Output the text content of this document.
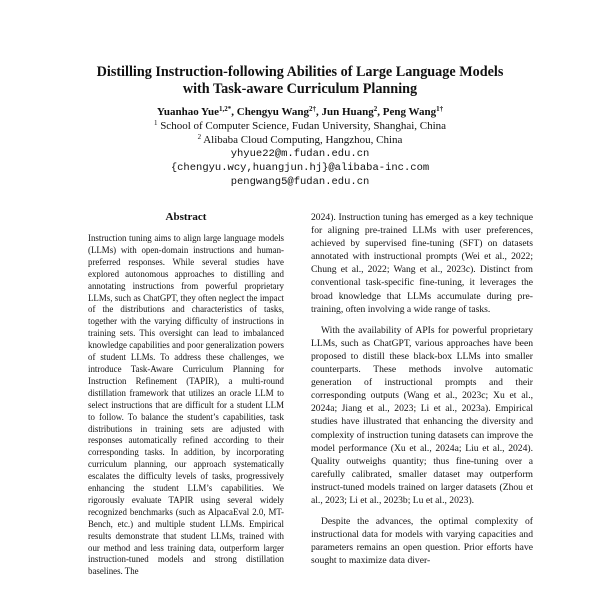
Distilling Instruction-following Abilities of Large Language Models
with Task-aware Curriculum Planning
Yuanhao Yue$^{1,2*}$, Chengyu Wang$^{2\dagger}$, Jun Huang$^2$, Peng Wang$^{1\dagger}$
$^1$ School of Computer Science, Fudan University, Shanghai, China
$^2$ Alibaba Cloud Computing, Hangzhou, China
yhyue22@m.fudan.edu.cn
{chengyu.wcy,huangjun.hj}@alibaba-inc.com
pengwang5@fudan.edu.cn
Abstract

Instruction tuning aims to align large language models (LLMs) with open-domain instructions and human-preferred responses. While several studies have explored autonomous approaches to distilling and annotating instructions from powerful proprietary LLMs, such as ChatGPT, they often neglect the impact of the distributions and characteristics of tasks, together with the varying difficulty of instructions in training sets. This oversight can lead to imbalanced knowledge capabilities and poor generalization powers of student LLMs. To address these challenges, we introduce Task-Aware Curriculum Planning for Instruction Refinement (TAPIR), a multi-round distillation framework that utilizes an oracle LLM to select instructions that are difficult for a student LLM to follow. To balance the student’s capabilities, task distributions in training sets are adjusted with responses automatically refined according to their corresponding tasks. In addition, by incorporating curriculum planning, our approach systematically escalates the difficulty levels of tasks, progressively enhancing the student LLM’s capabilities. We rigorously evaluate TAPIR using several widely recognized benchmarks (such as AlpacaEval 2.0, MT-Bench, etc.) and multiple student LLMs. Empirical results demonstrate that student LLMs, trained with our method and less training data, outperform larger instruction-tuned models and strong distillation baselines. The

2024). Instruction tuning has emerged as a key technique for aligning pre-trained LLMs with user preferences, achieved by supervised fine-tuning (SFT) on datasets annotated with instructional prompts (Wei et al., 2022; Chung et al., 2022; Wang et al., 2023c). Distinct from conventional task-specific fine-tuning, it leverages the broad knowledge that LLMs accumulate during pre-training, often involving a wide range of tasks.

With the availability of APIs for powerful proprietary LLMs, such as ChatGPT, various approaches have been proposed to distill these black-box LLMs into smaller counterparts. These methods involve automatic generation of instructional prompts and their corresponding outputs (Wang et al., 2023c; Xu et al., 2024a; Jiang et al., 2023; Li et al., 2023a). Empirical studies have illustrated that enhancing the diversity and complexity of instruction tuning datasets can improve the model performance (Xu et al., 2024a; Liu et al., 2024). Quality outweighs quantity; thus fine-tuning over a carefully calibrated, smaller dataset may outperform instruct-tuned models trained on larger datasets (Zhou et al., 2023; Li et al., 2023b; Lu et al., 2023).

Despite the advances, the optimal complexity of instructional data for models with varying capacities and parameters remains an open question. Prior efforts have sought to maximize data diver-
